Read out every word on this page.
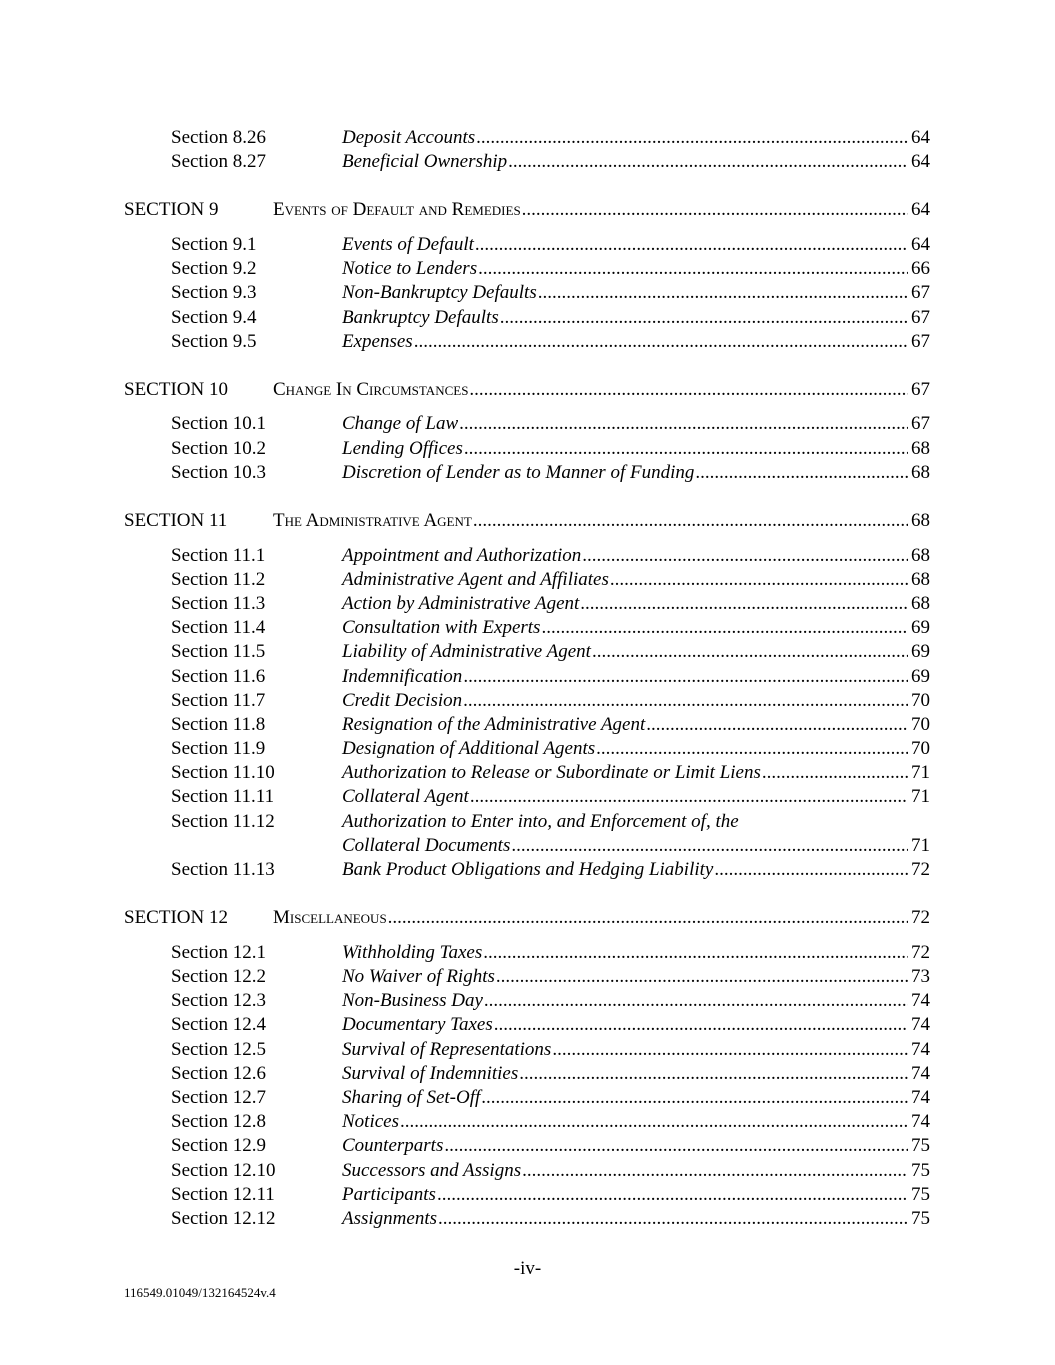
Section 8.26	Deposit Accounts .....	64
Section 8.27	Beneficial Ownership .....	64
SECTION 9	Events of Default and Remedies .....	64
Section 9.1	Events of Default .....	64
Section 9.2	Notice to Lenders .....	66
Section 9.3	Non-Bankruptcy Defaults .....	67
Section 9.4	Bankruptcy Defaults .....	67
Section 9.5	Expenses .....	67
SECTION 10 Change In Circumstances .....	67
Section 10.1	Change of Law .....	67
Section 10.2	Lending Offices .....	68
Section 10.3	Discretion of Lender as to Manner of Funding .....	68
SECTION 11 The Administrative Agent .....	68
Section 11.1	Appointment and Authorization .....	68
Section 11.2	Administrative Agent and Affiliates .....	68
Section 11.3	Action by Administrative Agent .....	68
Section 11.4	Consultation with Experts .....	69
Section 11.5	Liability of Administrative Agent .....	69
Section 11.6	Indemnification .....	69
Section 11.7	Credit Decision .....	70
Section 11.8	Resignation of the Administrative Agent .....	70
Section 11.9	Designation of Additional Agents .....	70
Section 11.10	Authorization to Release or Subordinate or Limit Liens .....	71
Section 11.11	Collateral Agent .....	71
Section 11.12	Authorization to Enter into, and Enforcement of, the
Collateral Documents .....	71
Section 11.13	Bank Product Obligations and Hedging Liability .....	72
SECTION 12 Miscellaneous .....	72
Section 12.1	Withholding Taxes .....	72
Section 12.2	No Waiver of Rights .....	73
Section 12.3	Non-Business Day .....	74
Section 12.4	Documentary Taxes .....	74
Section 12.5	Survival of Representations .....	74
Section 12.6	Survival of Indemnities .....	74
Section 12.7	Sharing of Set-Off .....	74
Section 12.8	Notices .....	74
Section 12.9	Counterparts .....	75
Section 12.10	Successors and Assigns .....	75
Section 12.11	Participants .....	75
Section 12.12	Assignments .....	75
-iv-
116549.01049/132164524v.4
